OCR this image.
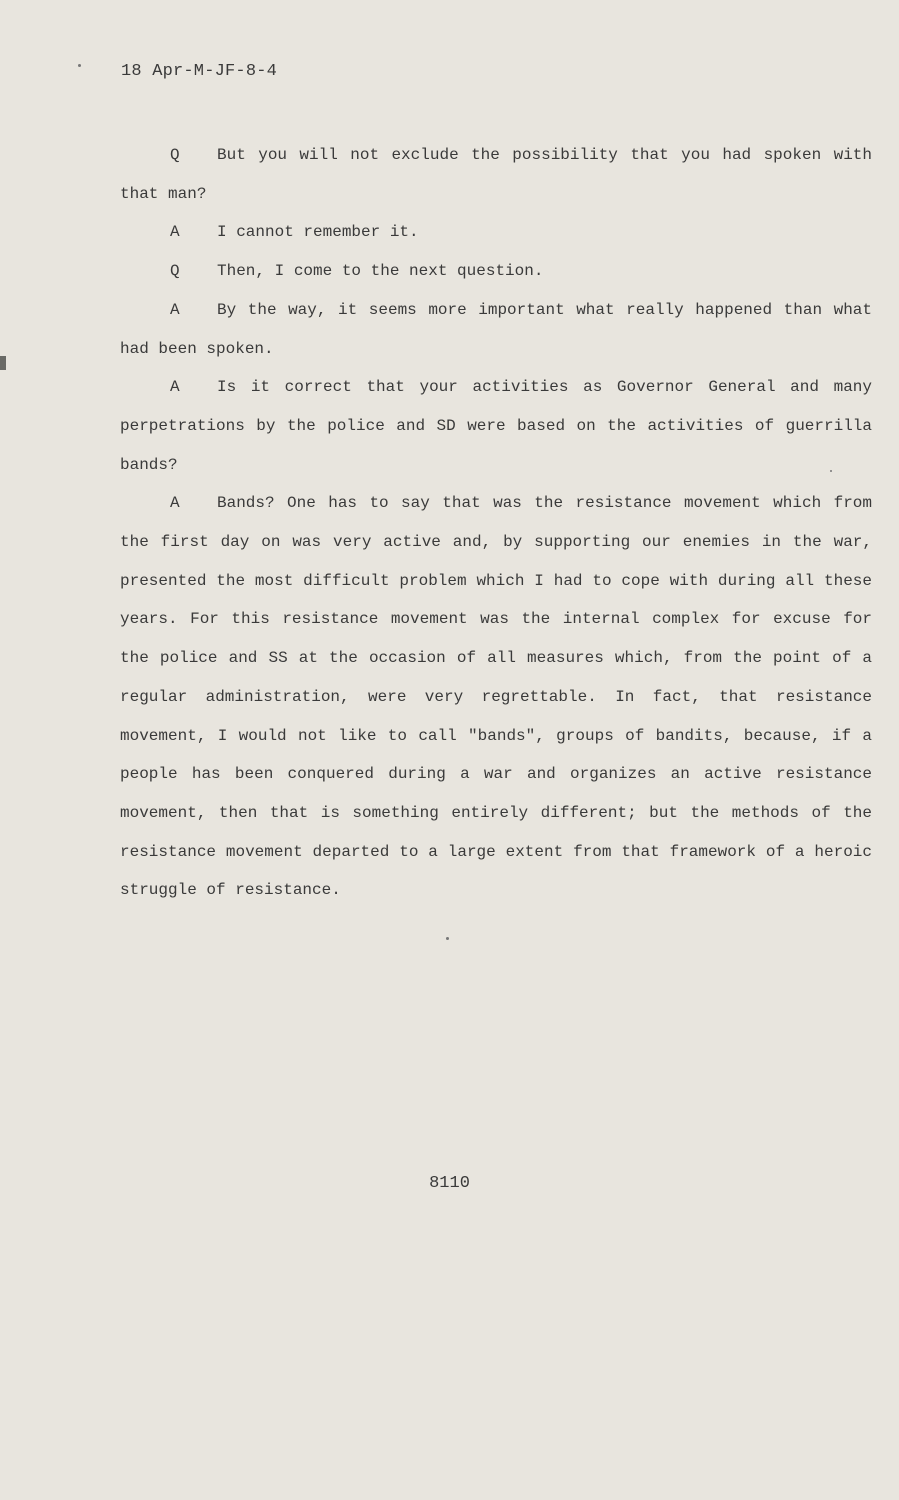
18 Apr-M-JF-8-4

Q But you will not exclude the possibility that you had spoken with that man?

A I cannot remember it.

Q Then, I come to the next question.

A By the way, it seems more important what really happened than what had been spoken.

A Is it correct that your activities as Governor General and many perpetrations by the police and SD were based on the activities of guerrilla bands?

A Bands? One has to say that was the resistance movement which from the first day on was very active and, by supporting our enemies in the war, presented the most difficult problem which I had to cope with during all these years. For this resistance movement was the internal complex for excuse for the police and SS at the occasion of all measures which, from the point of a regular administration, were very regrettable. In fact, that resistance movement, I would not like to call "bands", groups of bandits, because, if a people has been conquered during a war and organizes an active resistance movement, then that is something entirely different; but the methods of the resistance movement departed to a large extent from that framework of a heroic struggle of resistance.

8110
